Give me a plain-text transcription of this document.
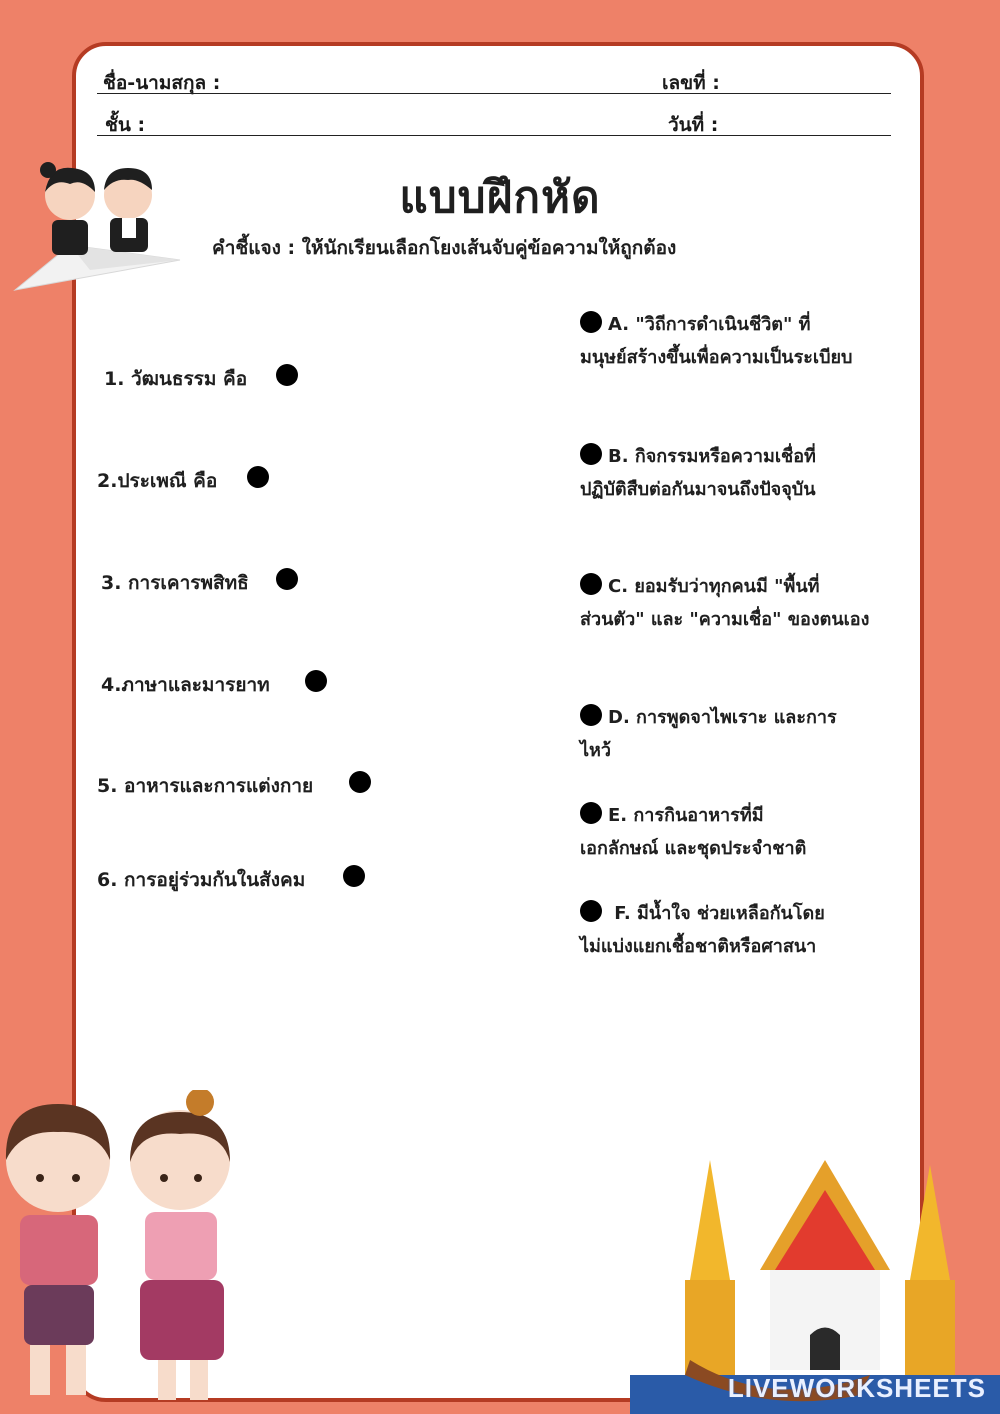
ชื่อ-นามสกุล :	เลขที่ :
ชั้น :	วันที่ :
แบบฝึกหัด
คำชี้แจง : ให้นักเรียนเลือกโยงเส้นจับคู่ข้อความให้ถูกต้อง
1. วัฒนธรรม คือ
2.ประเพณี คือ
3. การเคารพสิทธิ
4.ภาษาและมารยาท
5. อาหารและการแต่งกาย
6. การอยู่ร่วมกันในสังคม
A. "วิถีการดำเนินชีวิต" ที่
มนุษย์สร้างขึ้นเพื่อความเป็นระเบียบ
B. กิจกรรมหรือความเชื่อที่
ปฏิบัติสืบต่อกันมาจนถึงปัจจุบัน
C. ยอมรับว่าทุกคนมี "พื้นที่
ส่วนตัว" และ "ความเชื่อ" ของตนเอง
D. การพูดจาไพเราะ และการ
ไหว้
E. การกินอาหารที่มี
เอกลักษณ์ และชุดประจำชาติ
F. มีน้ำใจ ช่วยเหลือกันโดย
ไม่แบ่งแยกเชื้อชาติหรือศาสนา
LIVEWORKSHEETS
